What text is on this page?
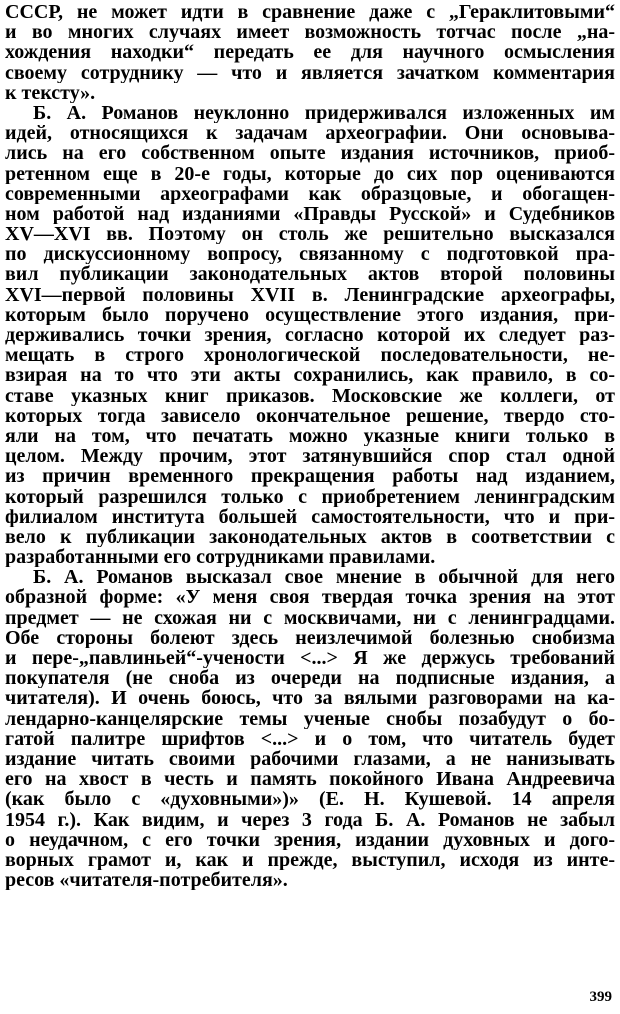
СССР, не может идти в сравнение даже с „Гераклитовыми“
и во многих случаях имеет возможность тотчас после „на-
хождения находки“ передать ее для научного осмысления
своему сотруднику — что и является зачатком комментария
к тексту».
Б. А. Романов неуклонно придерживался изложенных им
идей, относящихся к задачам археографии. Они основыва-
лись на его собственном опыте издания источников, приоб-
ретенном еще в 20-е годы, которые до сих пор оцениваются
современными археографами как образцовые, и обогащен-
ном работой над изданиями «Правды Русской» и Судебников
XV—XVI вв. Поэтому он столь же решительно высказался
по дискуссионному вопросу, связанному с подготовкой пра-
вил публикации законодательных актов второй половины
XVI—первой половины XVII в. Ленинградские археографы,
которым было поручено осуществление этого издания, при-
держивались точки зрения, согласно которой их следует раз-
мещать в строго хронологической последовательности, не-
взирая на то что эти акты сохранились, как правило, в со-
ставе указных книг приказов. Московские же коллеги, от
которых тогда зависело окончательное решение, твердо сто-
яли на том, что печатать можно указные книги только в
целом. Между прочим, этот затянувшийся спор стал одной
из причин временного прекращения работы над изданием,
который разрешился только с приобретением ленинградским
филиалом института большей самостоятельности, что и при-
вело к публикации законодательных актов в соответствии с
разработанными его сотрудниками правилами.
Б. А. Романов высказал свое мнение в обычной для него
образной форме: «У меня своя твердая точка зрения на этот
предмет — не схожая ни с москвичами, ни с ленинградцами.
Обе стороны болеют здесь неизлечимой болезнью снобизма
и пере-„павлиньей“-учености <...> Я же держусь требований
покупателя (не сноба из очереди на подписные издания, а
читателя). И очень боюсь, что за вялыми разговорами на ка-
лендарно-канцелярские темы ученые снобы позабудут о бо-
гатой палитре шрифтов <...> и о том, что читатель будет
издание читать своими рабочими глазами, а не нанизывать
его на хвост в честь и память покойного Ивана Андреевича
(как было с «духовными»)» (Е. Н. Кушевой. 14 апреля
1954 г.). Как видим, и через 3 года Б. А. Романов не забыл
о неудачном, с его точки зрения, издании духовных и дого-
ворных грамот и, как и прежде, выступил, исходя из инте-
ресов «читателя-потребителя».
399
